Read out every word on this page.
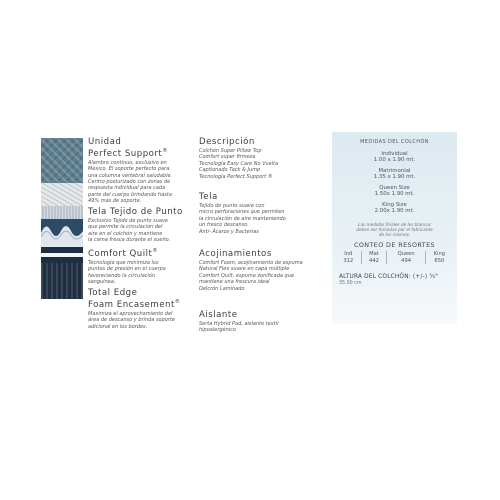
Unidad
Perfect Support®

Alambre continuo, exclusivo en
México. El soporte perfecto para
una columna vertebral saludable.
Centro posturizado con zonas de
respuesta individual para cada
parte del cuerpo brindando hasta
49% más de soporte.

Tela Tejido de Punto

Exclusivo Tejido de punto suave
que permite la circulación del
aire en el colchón y mantiene
la cama fresca durante el sueño.

Comfort Quilt®

Tecnología que minimiza los
puntos de presión en el cuerpo
favoreciendo la circulación
sanguínea.

Total Edge
Foam Encasement®

Maximiza el aprovechamiento del
área de descanso y brinda soporte
adicional en los bordes.

Descripción

Colchón Super Pillow Top
Comfort super firmeza
Tecnología Easy Care No Vuelta
Capitonado Tack & Jump
Tecnología Perfect Support ®

Tela

Tejido de punto suave con
micro perforaciones que permiten
la circulación de aire manteniendo
un fresco descanso.
Anti- Ácaros y Bacterias

Acojinamientos

Comfort Foam, acojinamiento de espuma
Natural Flex suave en capa múltiple
Comfort Quilt, espuma zonificada que
mantiene una frescura ideal
Delcrón Laminado

Aislante

Serta Hybrid Pad, aislante textil
hipoalergénico

MEDIDAS DEL COLCHÓN
Individual
1.00 x 1.90 mt.
Matrimonial
1.35 x 1.90 mt.
Queen Size
1.50x 1.90 mt.
King Size
2.00x 1.90 mt.
Las medidas finales de los blancos
deben ser tomadas por el fabricante
de los mismos.
CONTEO DE RESORTES
Ind	Mat	Queen	King
312	442	494	650
ALTURA DEL COLCHÓN: (+/-) ¾"
35.00 cm
